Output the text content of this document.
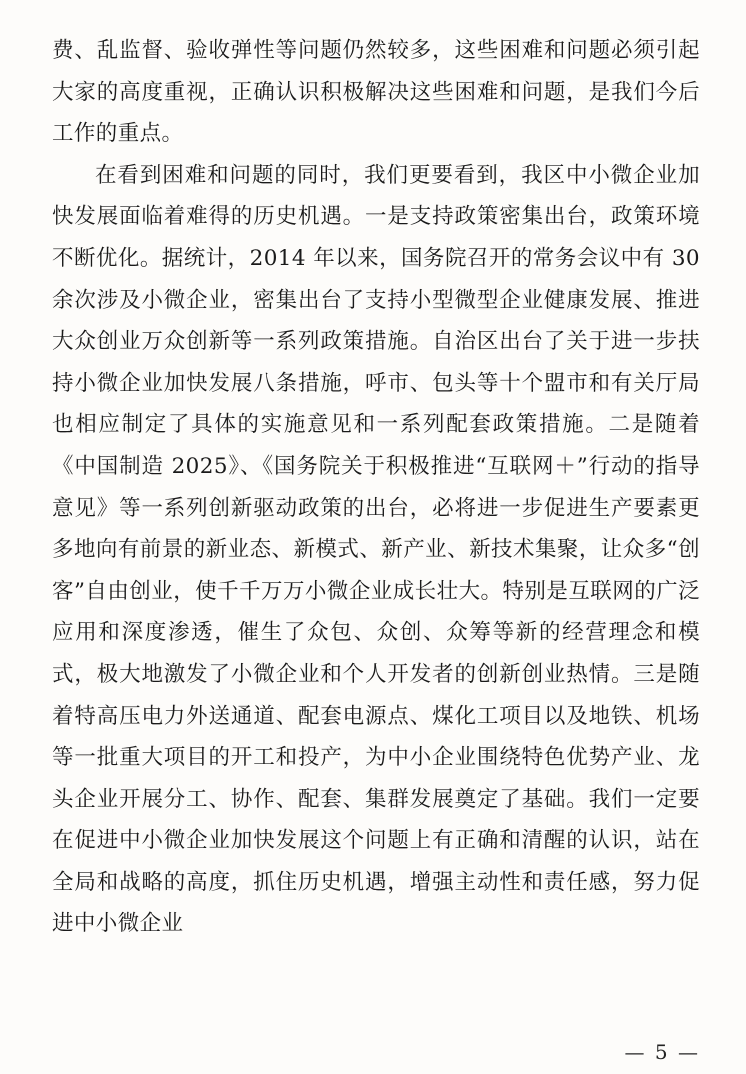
费、乱监督、验收弹性等问题仍然较多，这些困难和问题必须引起大家的高度重视，正确认识积极解决这些困难和问题，是我们今后工作的重点。

在看到困难和问题的同时，我们更要看到，我区中小微企业加快发展面临着难得的历史机遇。一是支持政策密集出台，政策环境不断优化。据统计，2014 年以来，国务院召开的常务会议中有 30 余次涉及小微企业，密集出台了支持小型微型企业健康发展、推进大众创业万众创新等一系列政策措施。自治区出台了关于进一步扶持小微企业加快发展八条措施，呼市、包头等十个盟市和有关厅局也相应制定了具体的实施意见和一系列配套政策措施。二是随着《中国制造 2025》、《国务院关于积极推进“互联网＋”行动的指导意见》等一系列创新驱动政策的出台，必将进一步促进生产要素更多地向有前景的新业态、新模式、新产业、新技术集聚，让众多“创客”自由创业，使千千万万小微企业成长壮大。特别是互联网的广泛应用和深度渗透，催生了众包、众创、众筹等新的经营理念和模式，极大地激发了小微企业和个人开发者的创新创业热情。三是随着特高压电力外送通道、配套电源点、煤化工项目以及地铁、机场等一批重大项目的开工和投产，为中小企业围绕特色优势产业、龙头企业开展分工、协作、配套、集群发展奠定了基础。我们一定要在促进中小微企业加快发展这个问题上有正确和清醒的认识，站在全局和战略的高度，抓住历史机遇，增强主动性和责任感，努力促进中小微企业

— 5 —
